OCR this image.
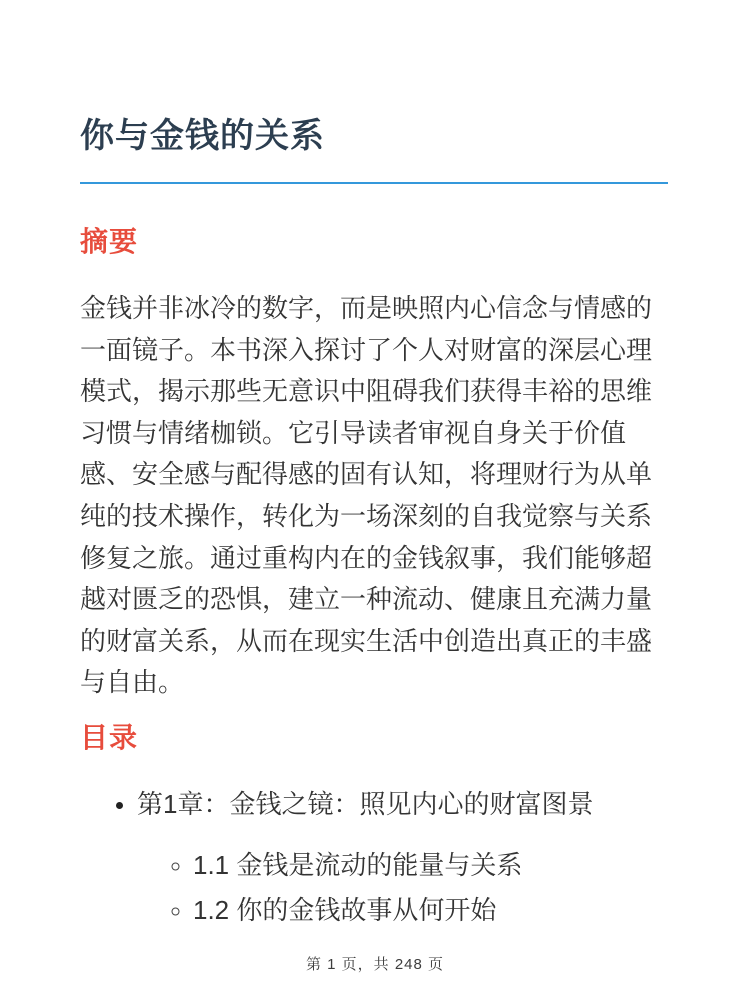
你与金钱的关系
摘要

金钱并非冰冷的数字，而是映照内心信念与情感的一面镜子。本书深入探讨了个人对财富的深层心理模式，揭示那些无意识中阻碍我们获得丰裕的思维习惯与情绪枷锁。它引导读者审视自身关于价值感、安全感与配得感的固有认知，将理财行为从单纯的技术操作，转化为一场深刻的自我觉察与关系修复之旅。通过重构内在的金钱叙事，我们能够超越对匮乏的恐惧，建立一种流动、健康且充满力量的财富关系，从而在现实生活中创造出真正的丰盛与自由。

目录
• 第1章：金钱之镜：照见内心的财富图景
◦ 1.1 金钱是流动的能量与关系
◦ 1.2 你的金钱故事从何开始
第 1 页，共 248 页
